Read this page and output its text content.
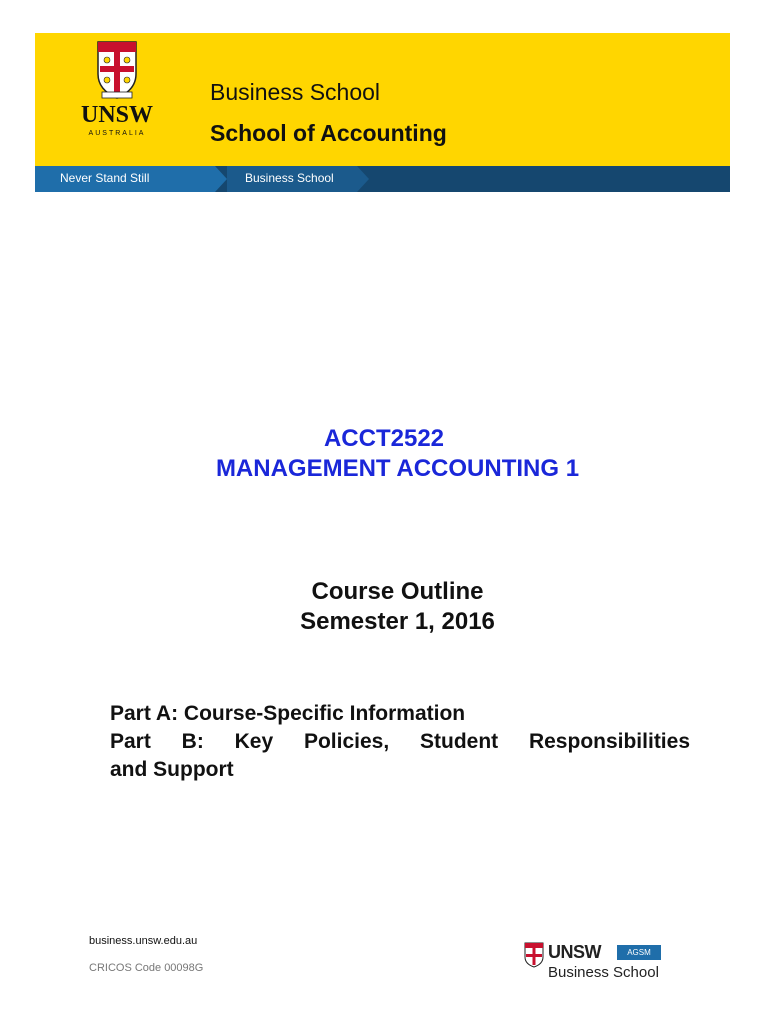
UNSW
AUSTRALIA
Business School
School of Accounting
Never Stand Still	Business School
ACCT2522
MANAGEMENT ACCOUNTING 1
Course Outline
Semester 1, 2016
Part A: Course-Specific Information
Part B: Key Policies, Student Responsibilities
and Support
business.unsw.edu.au
CRICOS Code 00098G
UNSW	AGSM
Business School
